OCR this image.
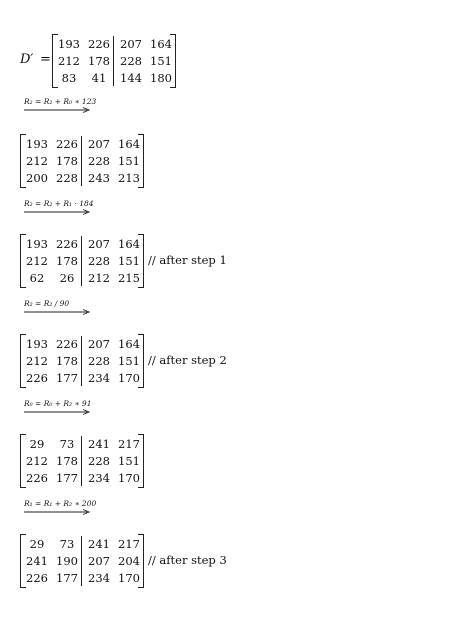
D′ =
193 226 207 164
212 178 228 151
83	41	144 180
R₂ = R₂ + R₀ ∗ 123
193 226 207 164
212 178 228 151
200 228 243 213
R₂ = R₂ + R₁ · 184
193 226 207 164
212 178 228 151
62	26	212 215
// after step 1
R₂ = R₂ / 90
193 226 207 164
212 178 228 151
226 177 234 170
// after step 2
R₀ = R₀ + R₂ ∗ 91
29	73	241 217
212 178 228 151
226 177 234 170
R₁ = R₁ + R₂ ∗ 200
29	73	241 217
241 190 207 204
226 177 234 170
// after step 3
